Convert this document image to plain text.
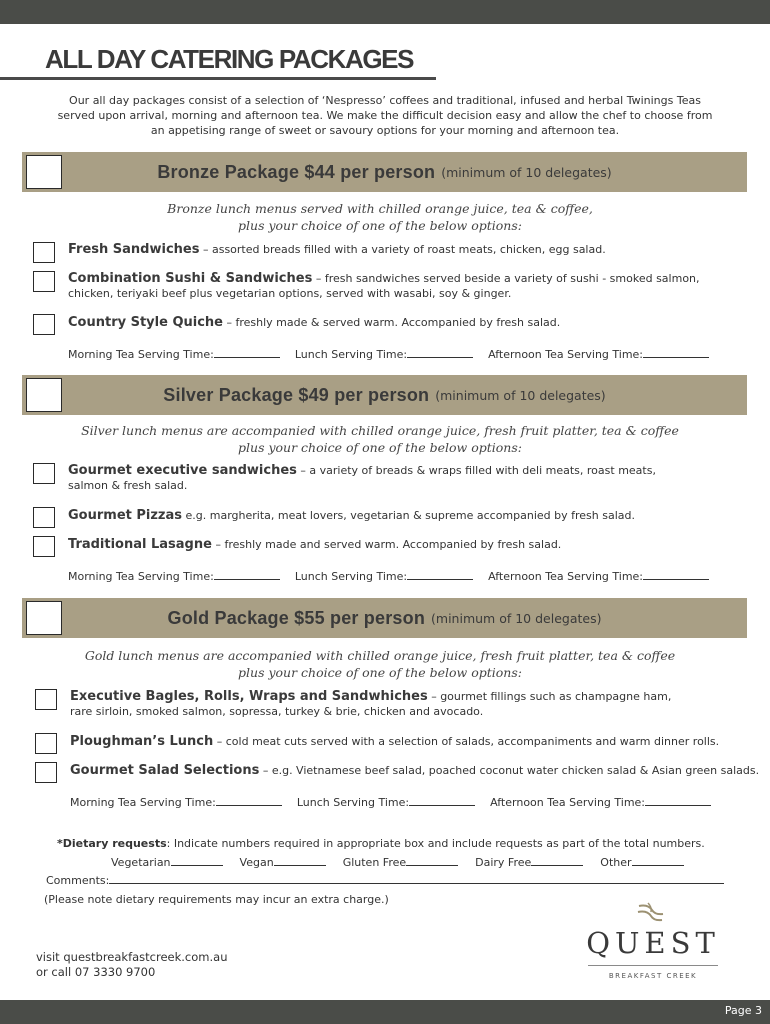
ALL DAY CATERING PACKAGES
Our all day packages consist of a selection of ‘Nespresso’ coffees and traditional, infused and herbal Twinings Teas served upon arrival, morning and afternoon tea. We make the difficult decision easy and allow the chef to choose from an appetising range of sweet or savoury options for your morning and afternoon tea.
Bronze Package $44 per person (minimum of 10 delegates)
Bronze lunch menus served with chilled orange juice, tea & coffee,
plus your choice of one of the below options:
Fresh Sandwiches – assorted breads filled with a variety of roast meats, chicken, egg salad.
Combination Sushi & Sandwiches – fresh sandwiches served beside a variety of sushi - smoked salmon,
chicken, teriyaki beef plus vegetarian options, served with wasabi, soy & ginger.
Country Style Quiche – freshly made & served warm. Accompanied by fresh salad.
Morning Tea Serving Time:	Lunch Serving Time:	Afternoon Tea Serving Time:
Silver Package $49 per person (minimum of 10 delegates)
Silver lunch menus are accompanied with chilled orange juice, fresh fruit platter, tea & coffee
plus your choice of one of the below options:
Gourmet executive sandwiches – a variety of breads & wraps filled with deli meats, roast meats,
salmon & fresh salad.
Gourmet Pizzas e.g. margherita, meat lovers, vegetarian & supreme accompanied by fresh salad.
Traditional Lasagne – freshly made and served warm. Accompanied by fresh salad.
Morning Tea Serving Time:	Lunch Serving Time:	Afternoon Tea Serving Time:
Gold Package $55 per person (minimum of 10 delegates)
Gold lunch menus are accompanied with chilled orange juice, fresh fruit platter, tea & coffee
plus your choice of one of the below options:
Executive Bagles, Rolls, Wraps and Sandwhiches – gourmet fillings such as champagne ham,
rare sirloin, smoked salmon, sopressa, turkey & brie, chicken and avocado.
Ploughman’s Lunch – cold meat cuts served with a selection of salads, accompaniments and warm dinner rolls.
Gourmet Salad Selections – e.g. Vietnamese beef salad, poached coconut water chicken salad & Asian green salads.
Morning Tea Serving Time:	Lunch Serving Time:	Afternoon Tea Serving Time:
*Dietary requests: Indicate numbers required in appropriate box and include requests as part of the total numbers.
Vegetarian	Vegan	Gluten Free	Dairy Free	Other
Comments:
(Please note dietary requirements may incur an extra charge.)
visit questbreakfastcreek.com.au
or call 07 3330 9700
QUEST
BREAKFAST CREEK
Page 3
